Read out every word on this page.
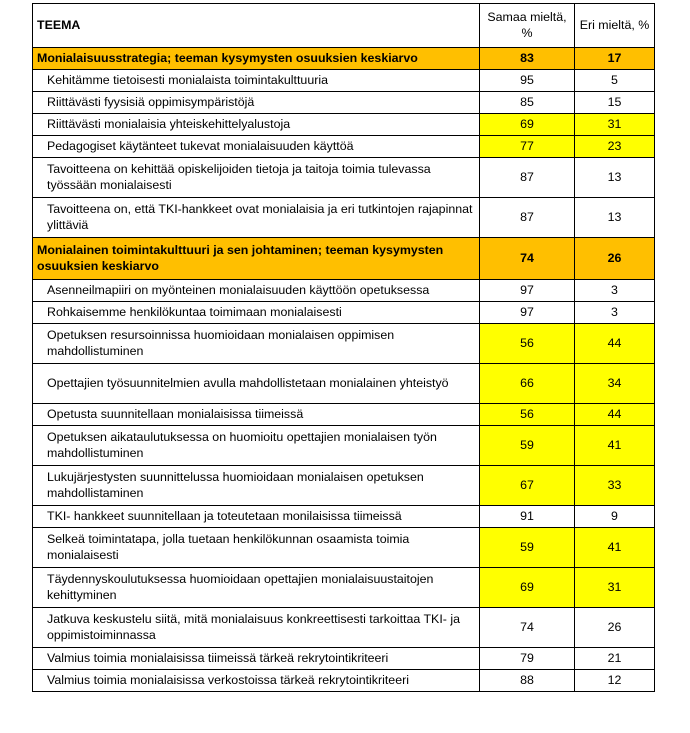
TEEMA	Samaa mieltä, %	Eri mieltä, %
Monialaisuusstrategia; teeman kysymysten osuuksien keskiarvo	83	17
Kehitämme tietoisesti monialaista toimintakulttuuria	95	5
Riittävästi fyysisiä oppimisympäristöjä	85	15
Riittävästi monialaisia yhteiskehittelyalustoja	69	31
Pedagogiset käytänteet tukevat monialaisuuden käyttöä	77	23
Tavoitteena on kehittää opiskelijoiden tietoja ja taitoja toimia tulevassa työssään monialaisesti	87	13
Tavoitteena on, että TKI-hankkeet ovat monialaisia ja eri tutkintojen rajapinnat ylittäviä	87	13
Monialainen toimintakulttuuri ja sen johtaminen; teeman kysymysten osuuksien keskiarvo	74	26
Asenneilmapiiri on myönteinen monialaisuuden käyttöön opetuksessa	97	3
Rohkaisemme henkilökuntaa toimimaan monialaisesti	97	3
Opetuksen resursoinnissa huomioidaan monialaisen oppimisen mahdollistuminen	56	44
Opettajien työsuunnitelmien avulla mahdollistetaan monialainen yhteistyö	66	34
Opetusta suunnitellaan monialaisissa tiimeissä	56	44
Opetuksen aikataulutuksessa on huomioitu opettajien monialaisen työn mahdollistuminen	59	41
Lukujärjestysten suunnittelussa huomioidaan monialaisen opetuksen mahdollistaminen	67	33
TKI- hankkeet suunnitellaan ja toteutetaan monilaisissa tiimeissä	91	9
Selkeä toimintatapa, jolla tuetaan henkilökunnan osaamista toimia monialaisesti	59	41
Täydennyskoulutuksessa huomioidaan opettajien monialaisuustaitojen kehittyminen	69	31
Jatkuva keskustelu siitä, mitä monialaisuus konkreettisesti tarkoittaa TKI- ja oppimistoiminnassa	74	26
Valmius toimia monialaisissa tiimeissä tärkeä rekrytointikriteeri	79	21
Valmius toimia monialaisissa verkostoissa tärkeä rekrytointikriteeri	88	12
